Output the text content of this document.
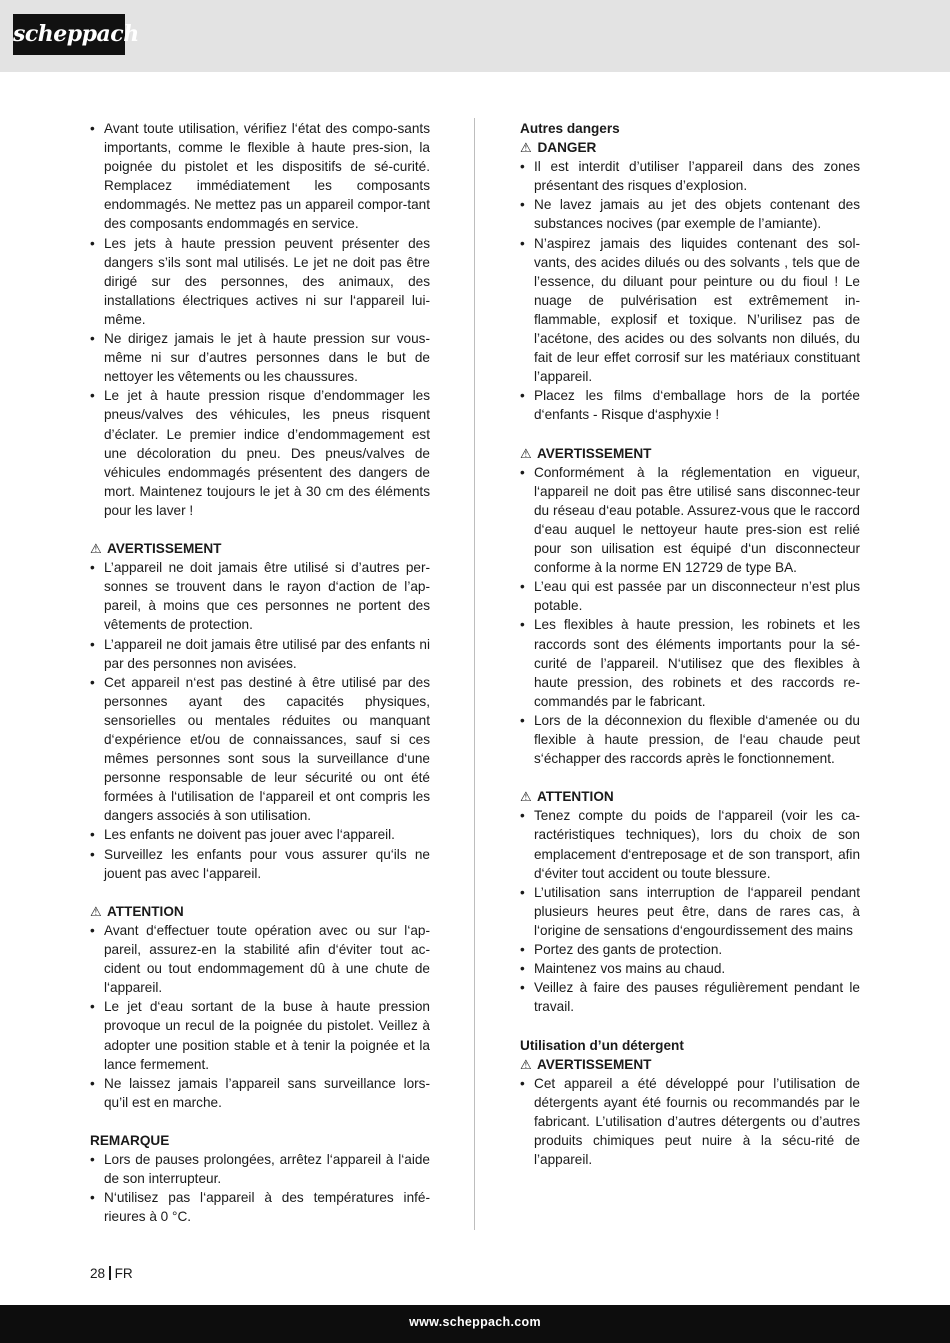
scheppach
• Avant toute utilisation, vérifiez l‘état des compo-sants importants, comme le flexible à haute pres-sion, la poignée du pistolet et les dispositifs de sé-curité. Remplacez immédiatement les composants endommagés. Ne mettez pas un appareil compor-tant des composants endommagés en service.
• Les jets à haute pression peuvent présenter des dangers s’ils sont mal utilisés. Le jet ne doit pas être dirigé sur des personnes, des animaux, des installations électriques actives ni sur l‘appareil lui-même.
• Ne dirigez jamais le jet à haute pression sur vous-même ni sur d’autres personnes dans le but de nettoyer les vêtements ou les chaussures.
• Le jet à haute pression risque d’endommager les pneus/valves des véhicules, les pneus risquent d’éclater. Le premier indice d’endommagement est une décoloration du pneu. Des pneus/valves de véhicules endommagés présentent des dangers de mort. Maintenez toujours le jet à 30 cm des éléments pour les laver !
⚠ AVERTISSEMENT
• L’appareil ne doit jamais être utilisé si d’autres per-sonnes se trouvent dans le rayon d‘action de l’ap-pareil, à moins que ces personnes ne portent des vêtements de protection.
• L’appareil ne doit jamais être utilisé par des enfants ni par des personnes non avisées.
• Cet appareil n‘est pas destiné à être utilisé par des personnes ayant des capacités physiques, sensorielles ou mentales réduites ou manquant d‘expérience et/ou de connaissances, sauf si ces mêmes personnes sont sous la surveillance d‘une personne responsable de leur sécurité ou ont été formées à l‘utilisation de l‘appareil et ont compris les dangers associés à son utilisation.
• Les enfants ne doivent pas jouer avec l‘appareil.
• Surveillez les enfants pour vous assurer qu‘ils ne jouent pas avec l‘appareil.
⚠ ATTENTION
• Avant d‘effectuer toute opération avec ou sur l‘ap-pareil, assurez-en la stabilité afin d‘éviter tout ac-cident ou tout endommagement dû à une chute de l‘appareil.
• Le jet d‘eau sortant de la buse à haute pression provoque un recul de la poignée du pistolet. Veillez à adopter une position stable et à tenir la poignée et la lance fermement.
• Ne laissez jamais l’appareil sans surveillance lors-qu’il est en marche.
REMARQUE
• Lors de pauses prolongées, arrêtez l‘appareil à l‘aide de son interrupteur.
• N‘utilisez pas l‘appareil à des températures infé-rieures à 0 °C.
Autres dangers
⚠ DANGER
• Il est interdit d’utiliser l’appareil dans des zones présentant des risques d’explosion.
• Ne lavez jamais au jet des objets contenant des substances nocives (par exemple de l’amiante).
• N’aspirez jamais des liquides contenant des sol-vants, des acides dilués ou des solvants , tels que de l’essence, du diluant pour peinture ou du fioul ! Le nuage de pulvérisation est extrêmement in-flammable, explosif et toxique. N’urilisez pas de l’acétone, des acides ou des solvants non dilués, du fait de leur effet corrosif sur les matériaux constituant l’appareil.
• Placez les films d‘emballage hors de la portée d‘enfants - Risque d‘asphyxie !
⚠ AVERTISSEMENT
• Conformément à la réglementation en vigueur, l‘appareil ne doit pas être utilisé sans disconnec-teur du réseau d‘eau potable. Assurez-vous que le raccord d‘eau auquel le nettoyeur haute pres-sion est relié pour son uilisation est équipé d‘un disconnecteur conforme à la norme EN 12729 de type BA.
• L’eau qui est passée par un disconnecteur n’est plus potable.
• Les flexibles à haute pression, les robinets et les raccords sont des éléments importants pour la sé-curité de l’appareil. N‘utilisez que des flexibles à haute pression, des robinets et des raccords re-commandés par le fabricant.
• Lors de la déconnexion du flexible d‘amenée ou du flexible à haute pression, de l‘eau chaude peut s‘échapper des raccords après le fonctionnement.
⚠ ATTENTION
• Tenez compte du poids de l‘appareil (voir les ca-ractéristiques techniques), lors du choix de son emplacement d‘entreposage et de son transport, afin d‘éviter tout accident ou toute blessure.
• L’utilisation sans interruption de l‘appareil pendant plusieurs heures peut être, dans de rares cas, à l‘origine de sensations d‘engourdissement des mains
• Portez des gants de protection.
• Maintenez vos mains au chaud.
• Veillez à faire des pauses régulièrement pendant le travail.
Utilisation d’un détergent
⚠ AVERTISSEMENT
• Cet appareil a été développé pour l’utilisation de détergents ayant été fournis ou recommandés par le fabricant. L’utilisation d’autres détergents ou d’autres produits chimiques peut nuire à la sécu-rité de l’appareil.
28 FR
www.scheppach.com
